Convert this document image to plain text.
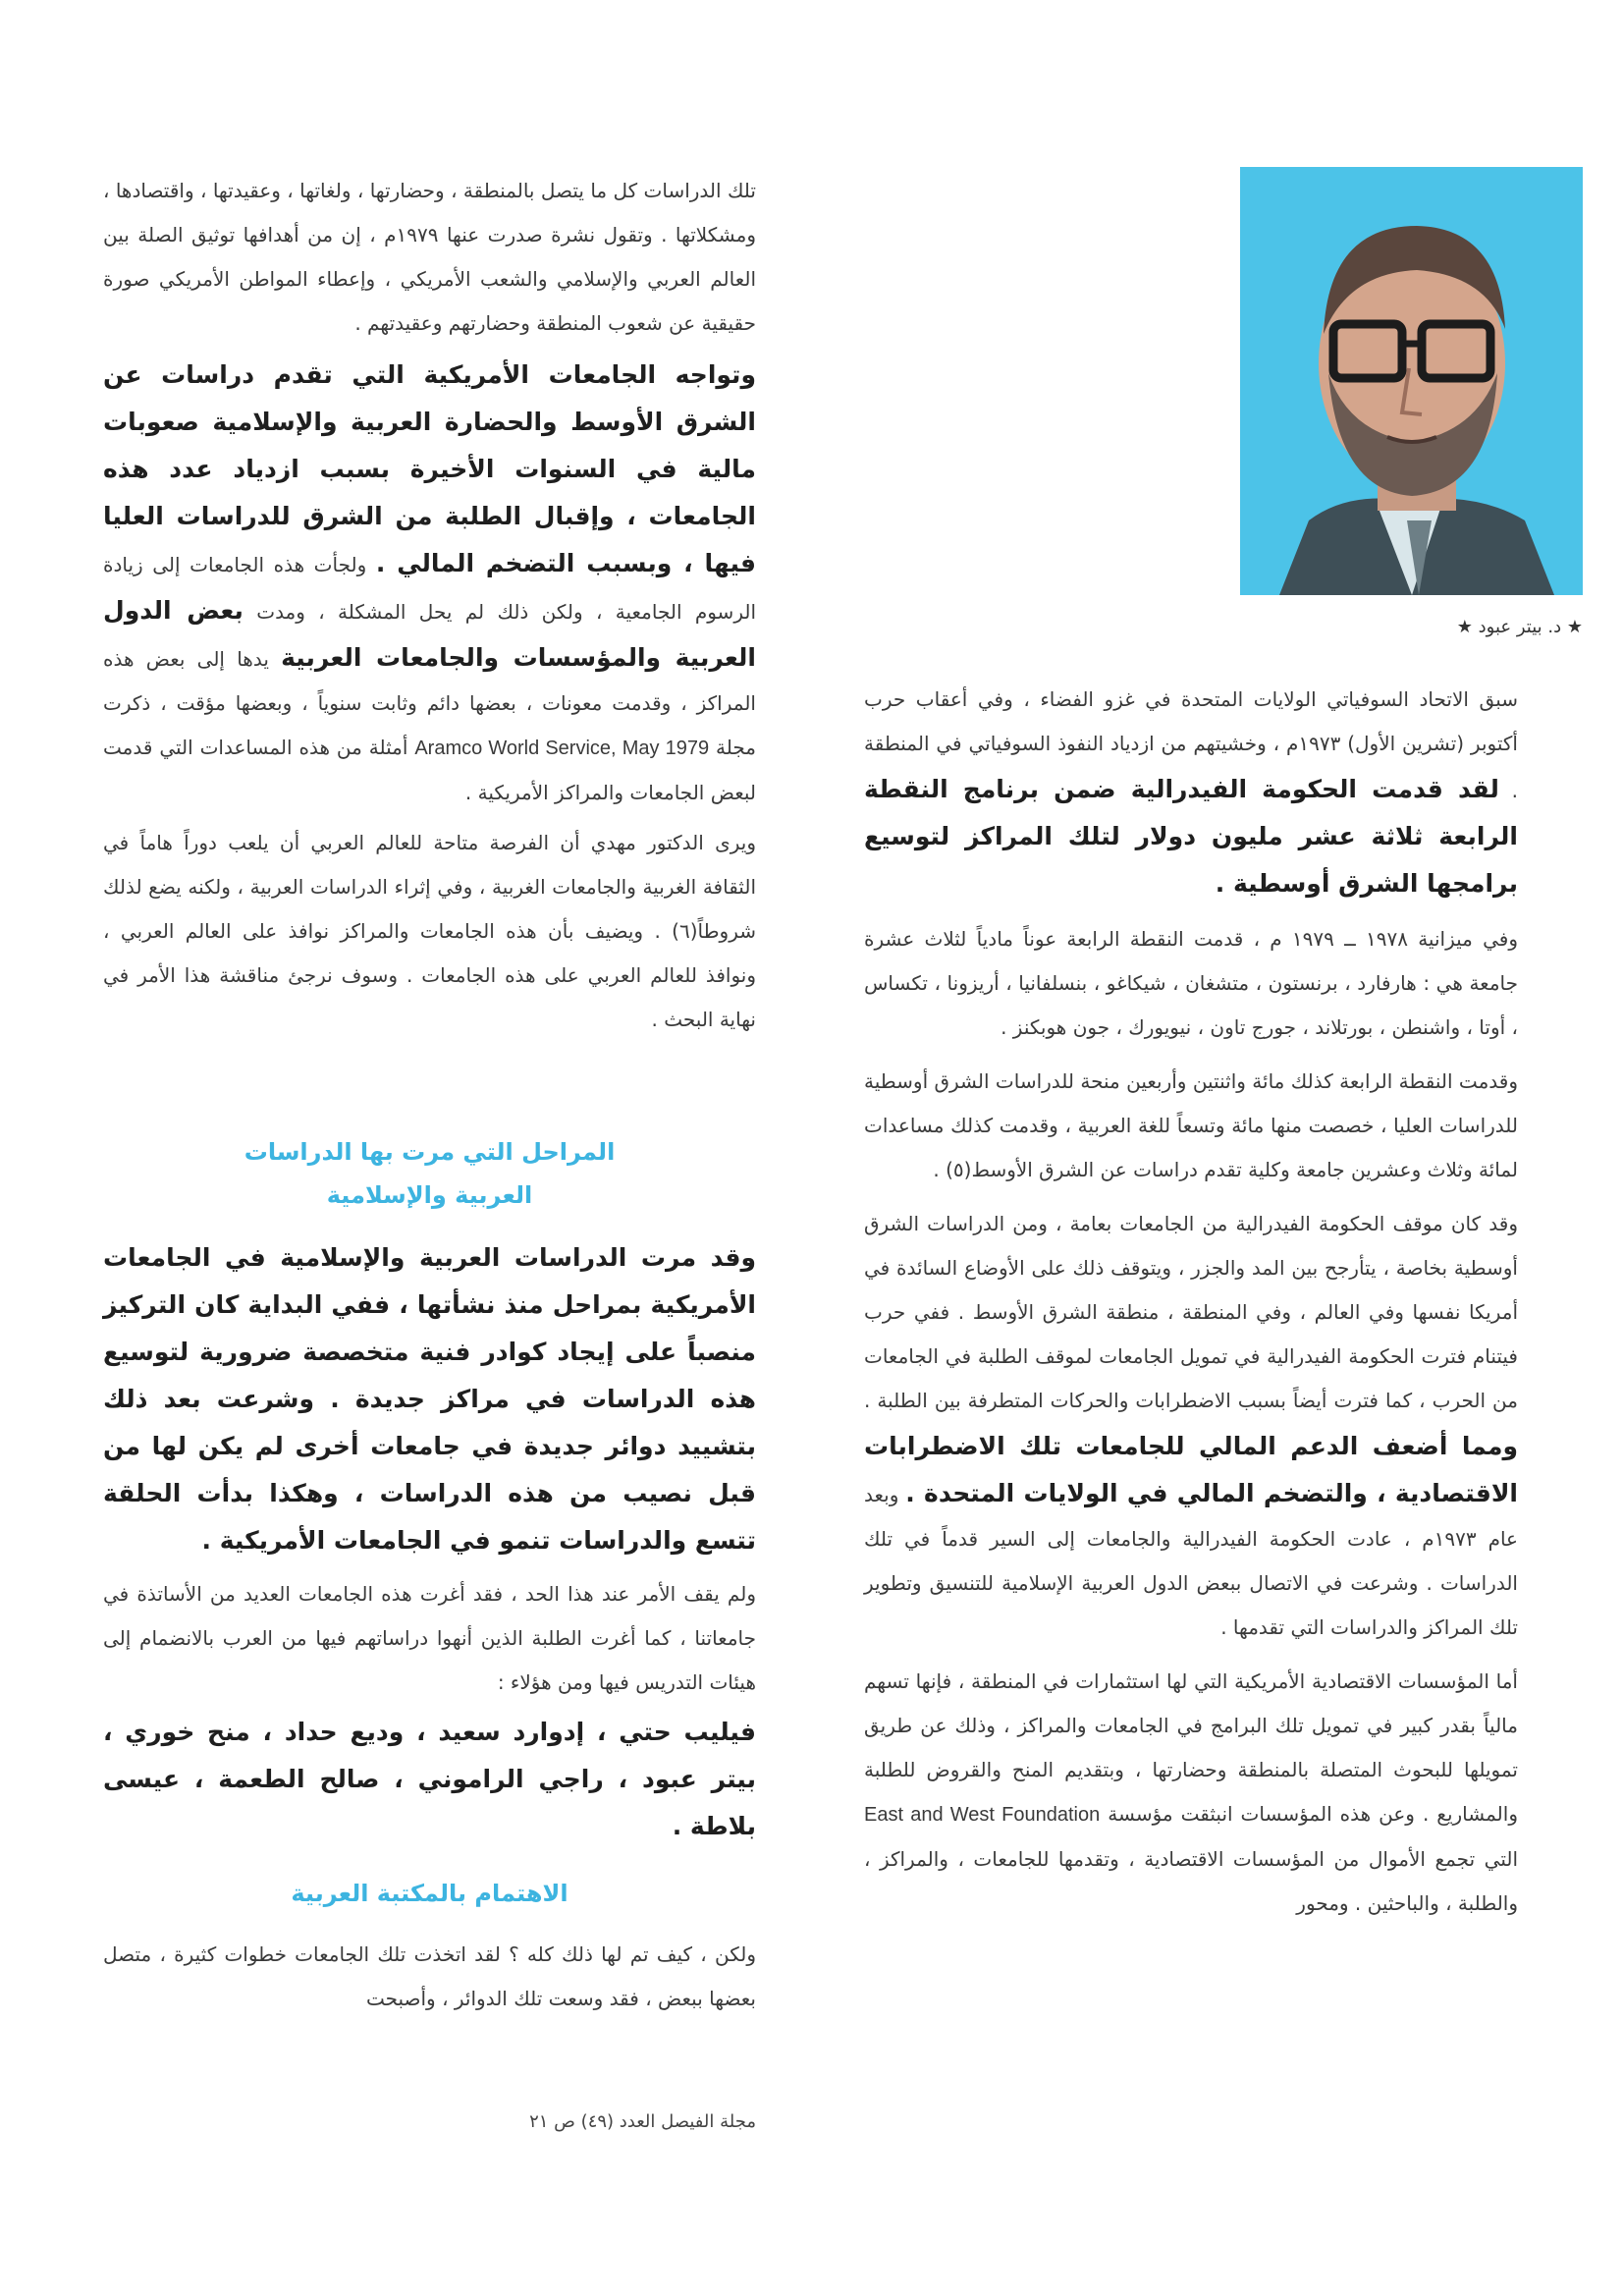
★ د. بيتر عبود ★

سبق الاتحاد السوفياتي الولايات المتحدة في غزو الفضاء ، وفي أعقاب حرب أكتوبر (تشرين الأول) ١٩٧٣م ، وخشيتهم من ازدياد النفوذ السوفياتي في المنطقة . لقد قدمت الحكومة الفيدرالية ضمن برنامج النقطة الرابعة ثلاثة عشر مليون دولار لتلك المراكز لتوسيع برامجها الشرق أوسطية .

وفي ميزانية ١٩٧٨ ــ ١٩٧٩ م ، قدمت النقطة الرابعة عوناً مادياً لثلاث عشرة جامعة هي : هارفارد ، برنستون ، متشغان ، شيكاغو ، بنسلفانيا ، أريزونا ، تكساس ، أوتا ، واشنطن ، بورتلاند ، جورج تاون ، نيويورك ، جون هوبكنز .

وقدمت النقطة الرابعة كذلك مائة واثنتين وأربعين منحة للدراسات الشرق أوسطية للدراسات العليا ، خصصت منها مائة وتسعاً للغة العربية ، وقدمت كذلك مساعدات لمائة وثلاث وعشرين جامعة وكلية تقدم دراسات عن الشرق الأوسط(٥) .

وقد كان موقف الحكومة الفيدرالية من الجامعات بعامة ، ومن الدراسات الشرق أوسطية بخاصة ، يتأرجح بين المد والجزر ، ويتوقف ذلك على الأوضاع السائدة في أمريكا نفسها وفي العالم ، وفي المنطقة ، منطقة الشرق الأوسط . ففي حرب فيتنام فترت الحكومة الفيدرالية في تمويل الجامعات لموقف الطلبة في الجامعات من الحرب ، كما فترت أيضاً بسبب الاضطرابات والحركات المتطرفة بين الطلبة . ومما أضعف الدعم المالي للجامعات تلك الاضطرابات الاقتصادية ، والتضخم المالي في الولايات المتحدة . وبعد عام ١٩٧٣م ، عادت الحكومة الفيدرالية والجامعات إلى السير قدماً في تلك الدراسات . وشرعت في الاتصال ببعض الدول العربية الإسلامية للتنسيق وتطوير تلك المراكز والدراسات التي تقدمها .

أما المؤسسات الاقتصادية الأمريكية التي لها استثمارات في المنطقة ، فإنها تسهم مالياً بقدر كبير في تمويل تلك البرامج في الجامعات والمراكز ، وذلك عن طريق تمويلها للبحوث المتصلة بالمنطقة وحضارتها ، وبتقديم المنح والقروض للطلبة والمشاريع . وعن هذه المؤسسات انبثقت مؤسسة East and West Foundation التي تجمع الأموال من المؤسسات الاقتصادية ، وتقدمها للجامعات ، والمراكز ، والطلبة ، والباحثين . ومحور

تلك الدراسات كل ما يتصل بالمنطقة ، وحضارتها ، ولغاتها ، وعقيدتها ، واقتصادها ، ومشكلاتها . وتقول نشرة صدرت عنها ١٩٧٩م ، إن من أهدافها توثيق الصلة بين العالم العربي والإسلامي والشعب الأمريكي ، وإعطاء المواطن الأمريكي صورة حقيقية عن شعوب المنطقة وحضارتهم وعقيدتهم .

وتواجه الجامعات الأمريكية التي تقدم دراسات عن الشرق الأوسط والحضارة العربية والإسلامية صعوبات مالية في السنوات الأخيرة بسبب ازدياد عدد هذه الجامعات ، وإقبال الطلبة من الشرق للدراسات العليا فيها ، وبسبب التضخم المالي . ولجأت هذه الجامعات إلى زيادة الرسوم الجامعية ، ولكن ذلك لم يحل المشكلة ، ومدت بعض الدول العربية والمؤسسات والجامعات العربية يدها إلى بعض هذه المراكز ، وقدمت معونات ، بعضها دائم وثابت سنوياً ، وبعضها مؤقت ، ذكرت مجلة Aramco World Service, May 1979 أمثلة من هذه المساعدات التي قدمت لبعض الجامعات والمراكز الأمريكية .

ويرى الدكتور مهدي أن الفرصة متاحة للعالم العربي أن يلعب دوراً هاماً في الثقافة الغربية والجامعات الغربية ، وفي إثراء الدراسات العربية ، ولكنه يضع لذلك شروطاً(٦) . ويضيف بأن هذه الجامعات والمراكز نوافذ على العالم العربي ، ونوافذ للعالم العربي على هذه الجامعات . وسوف نرجئ مناقشة هذا الأمر في نهاية البحث .

المراحل التي مرت بها الدراسات
العربية والإسلامية

وقد مرت الدراسات العربية والإسلامية في الجامعات الأمريكية بمراحل منذ نشأتها ، ففي البداية كان التركيز منصباً على إيجاد كوادر فنية متخصصة ضرورية لتوسيع هذه الدراسات في مراكز جديدة . وشرعت بعد ذلك بتشييد دوائر جديدة في جامعات أخرى لم يكن لها من قبل نصيب من هذه الدراسات ، وهكذا بدأت الحلقة تتسع والدراسات تنمو في الجامعات الأمريكية .

ولم يقف الأمر عند هذا الحد ، فقد أغرت هذه الجامعات العديد من الأساتذة في جامعاتنا ، كما أغرت الطلبة الذين أنهوا دراساتهم فيها من العرب بالانضمام إلى هيئات التدريس فيها ومن هؤلاء :

فيليب حتي ، إدوارد سعيد ، وديع حداد ، منح خوري ، بيتر عبود ، راجي الراموني ، صالح الطعمة ، عيسى بلاطة .

الاهتمام بالمكتبة العربية

ولكن ، كيف تم لها ذلك كله ؟ لقد اتخذت تلك الجامعات خطوات كثيرة ، متصل بعضها ببعض ، فقد وسعت تلك الدوائر ، وأصبحت

مجلة الفيصل العدد (٤٩) ص ٢١
